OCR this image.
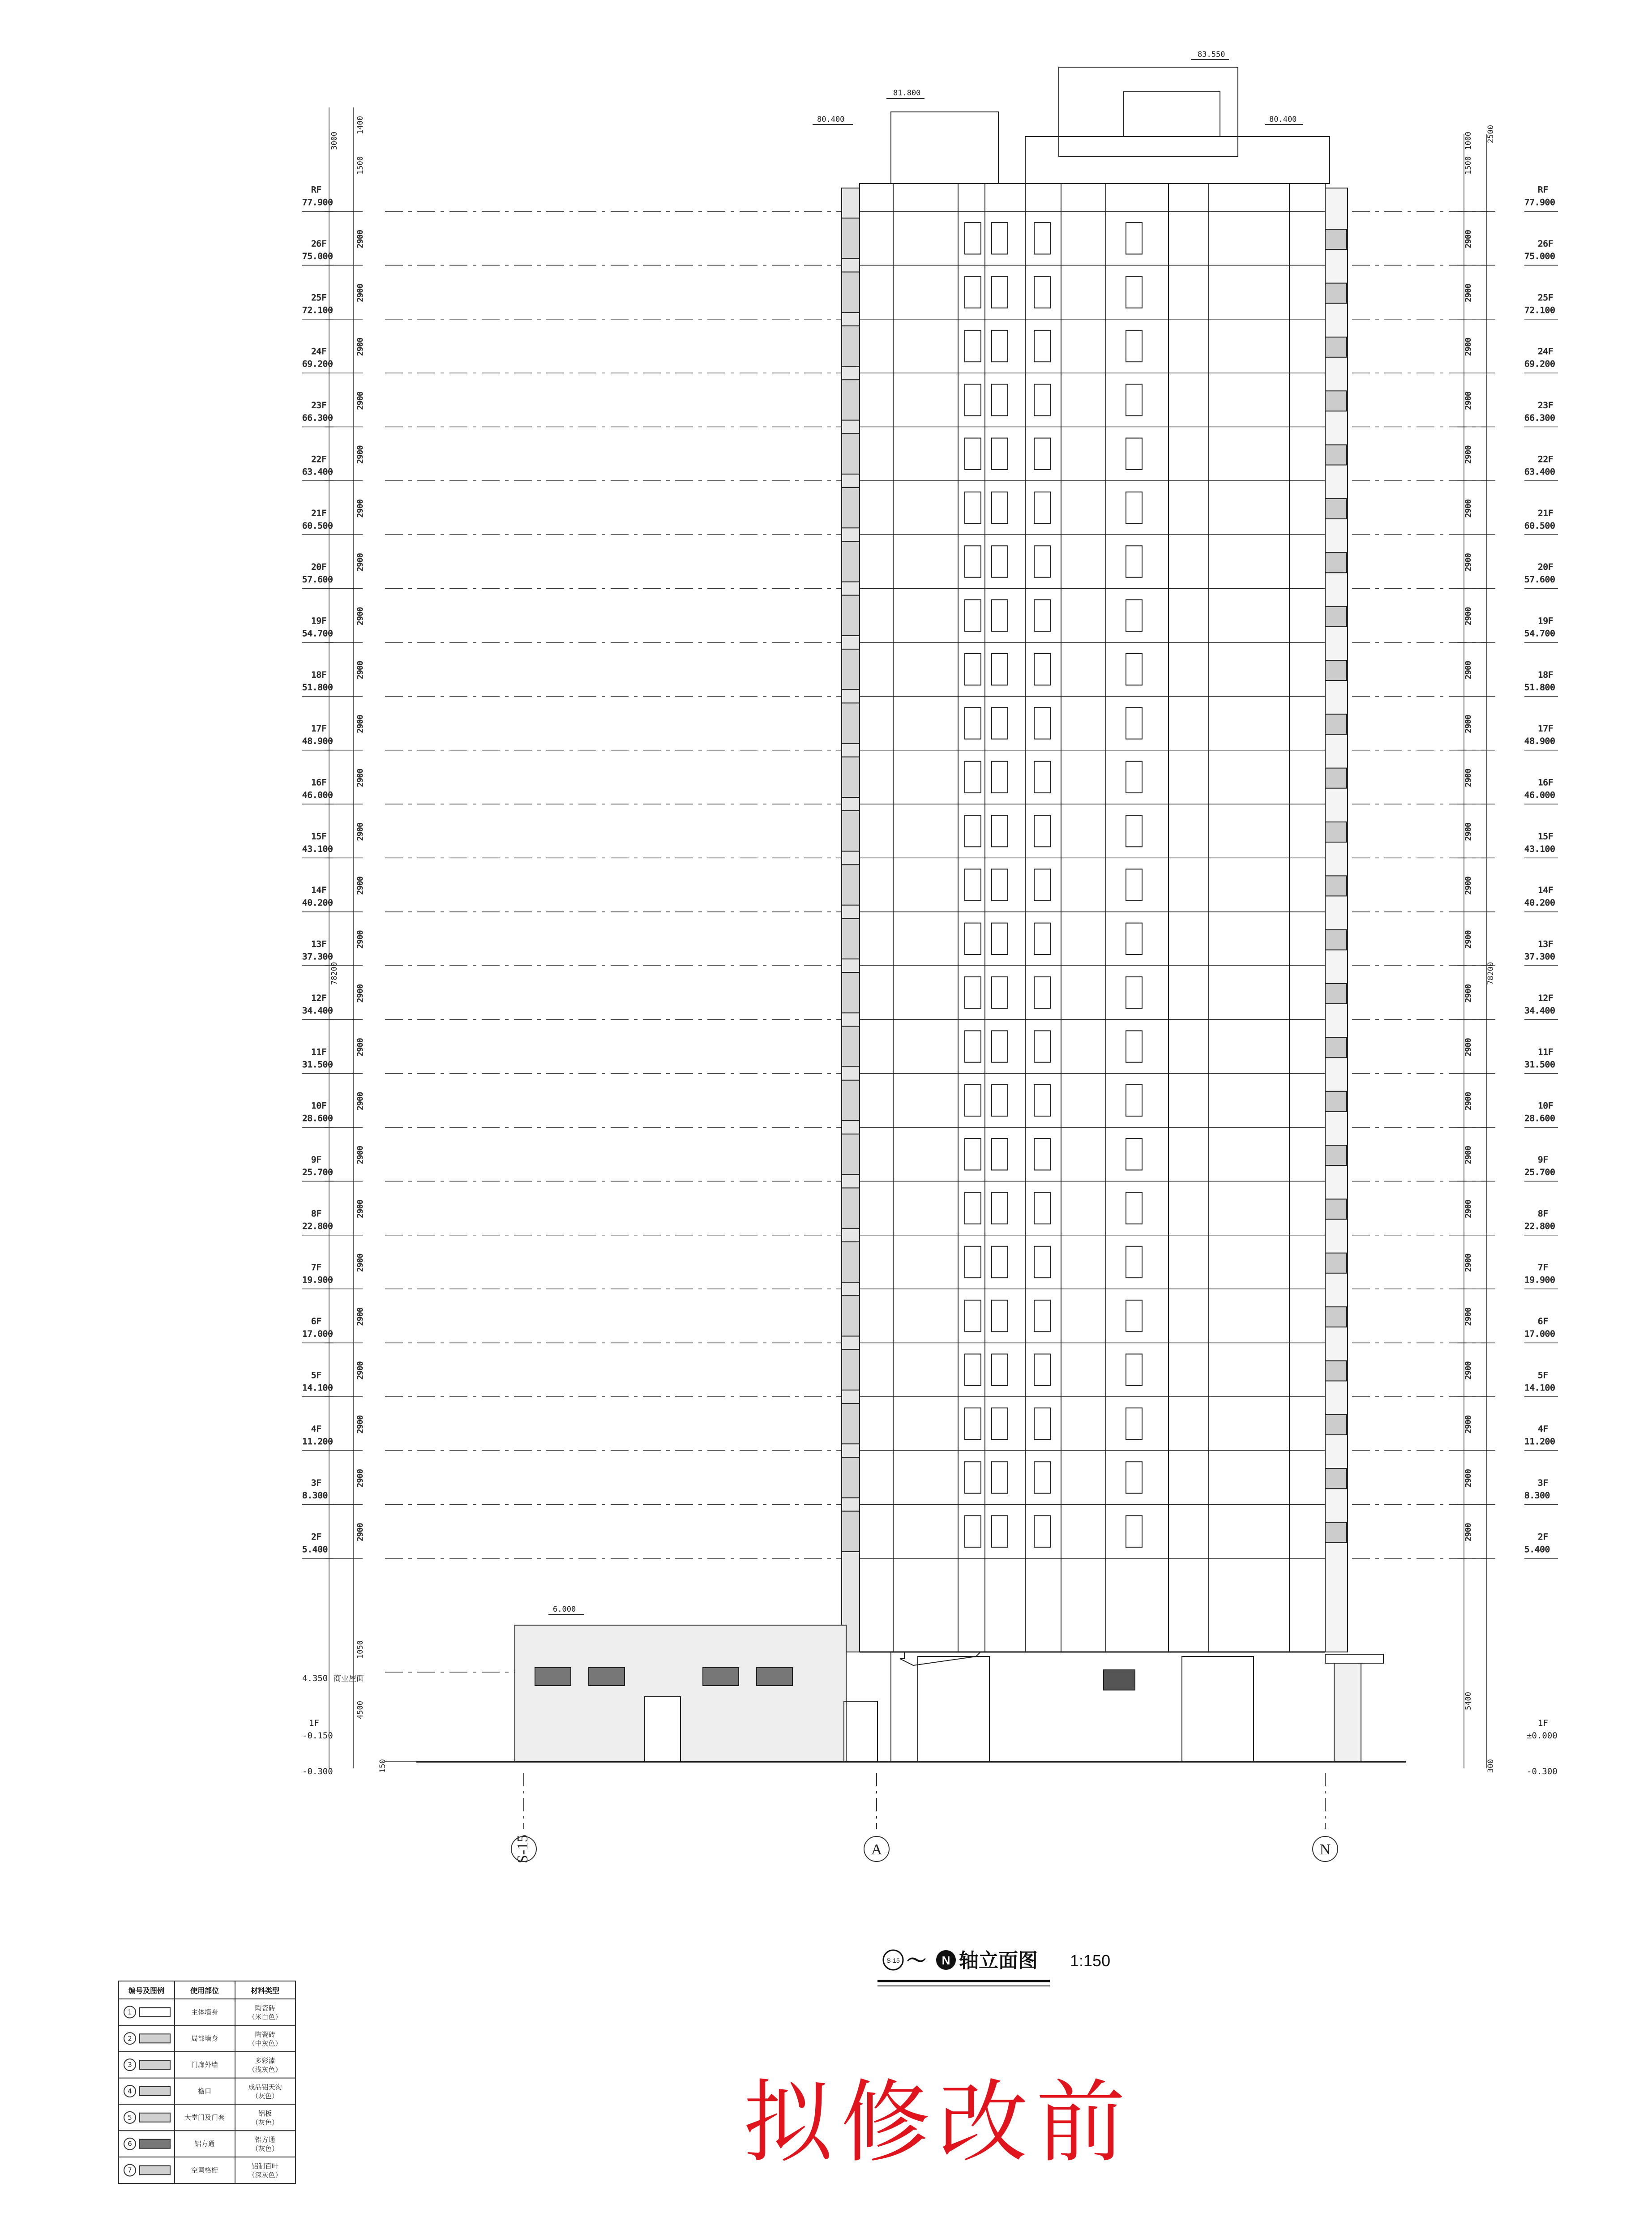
RF
77.900
RF
77.900
26F
75.000
26F
75.000
2900	2900
25F
72.100
25F
72.100
2900	2900
24F
69.200
24F
69.200
2900	2900
23F
66.300
23F
66.300
2900	2900
22F
63.400
22F
63.400
2900	2900
21F
60.500
21F
60.500
2900	2900
20F
57.600
20F
57.600
2900	2900
19F
54.700
19F
54.700
2900	2900
18F
51.800
18F
51.800
2900	2900
17F
48.900
17F
48.900
2900	2900
16F
46.000
16F
46.000
2900	2900
15F
43.100
15F
43.100
2900	2900
14F
40.200
14F
40.200
2900	2900
13F
37.300
13F
37.300
2900	2900
12F
34.400
12F
34.400
2900	2900
11F
31.500
11F
31.500
2900	2900
10F
28.600
10F
28.600
2900	2900
9F
25.700
9F
25.700
2900	2900
8F
22.800
8F
22.800
2900	2900
7F
19.900
7F
19.900
2900	2900
6F
17.000
6F
17.000
2900	2900
5F
14.100
5F
14.100
2900	2900
4F
11.200
4F
11.200
2900	2900
3F
8.300
3F
8.300
2900	2900
2F
5.400
2F
5.400
2900	2900
80.400
81.800
83.550
80.400
6.000
1F
-0.150
-0.300
1F
±0.000
-0.300
4.350 商业屋面
3000
1400
1500
1050
4500
150
78200
1000 2500
1500
5400
300
78200
S-15	A	N
S-15 ～ N 轴立面图 1:150
编号及图例	使用部位	材料类型
1	主体墙身	陶瓷砖
（米白色）
2	局部墙身	陶瓷砖
（中灰色）
3	门廊外墙	多彩漆
（浅灰色）
4	檐口	成品铝天沟
（灰色）
5	大堂门及门套	铝板
（灰色）
6	铝方通	铝方通
（灰色）
7	空调格栅	铝制百叶
（深灰色）
拟修改前
